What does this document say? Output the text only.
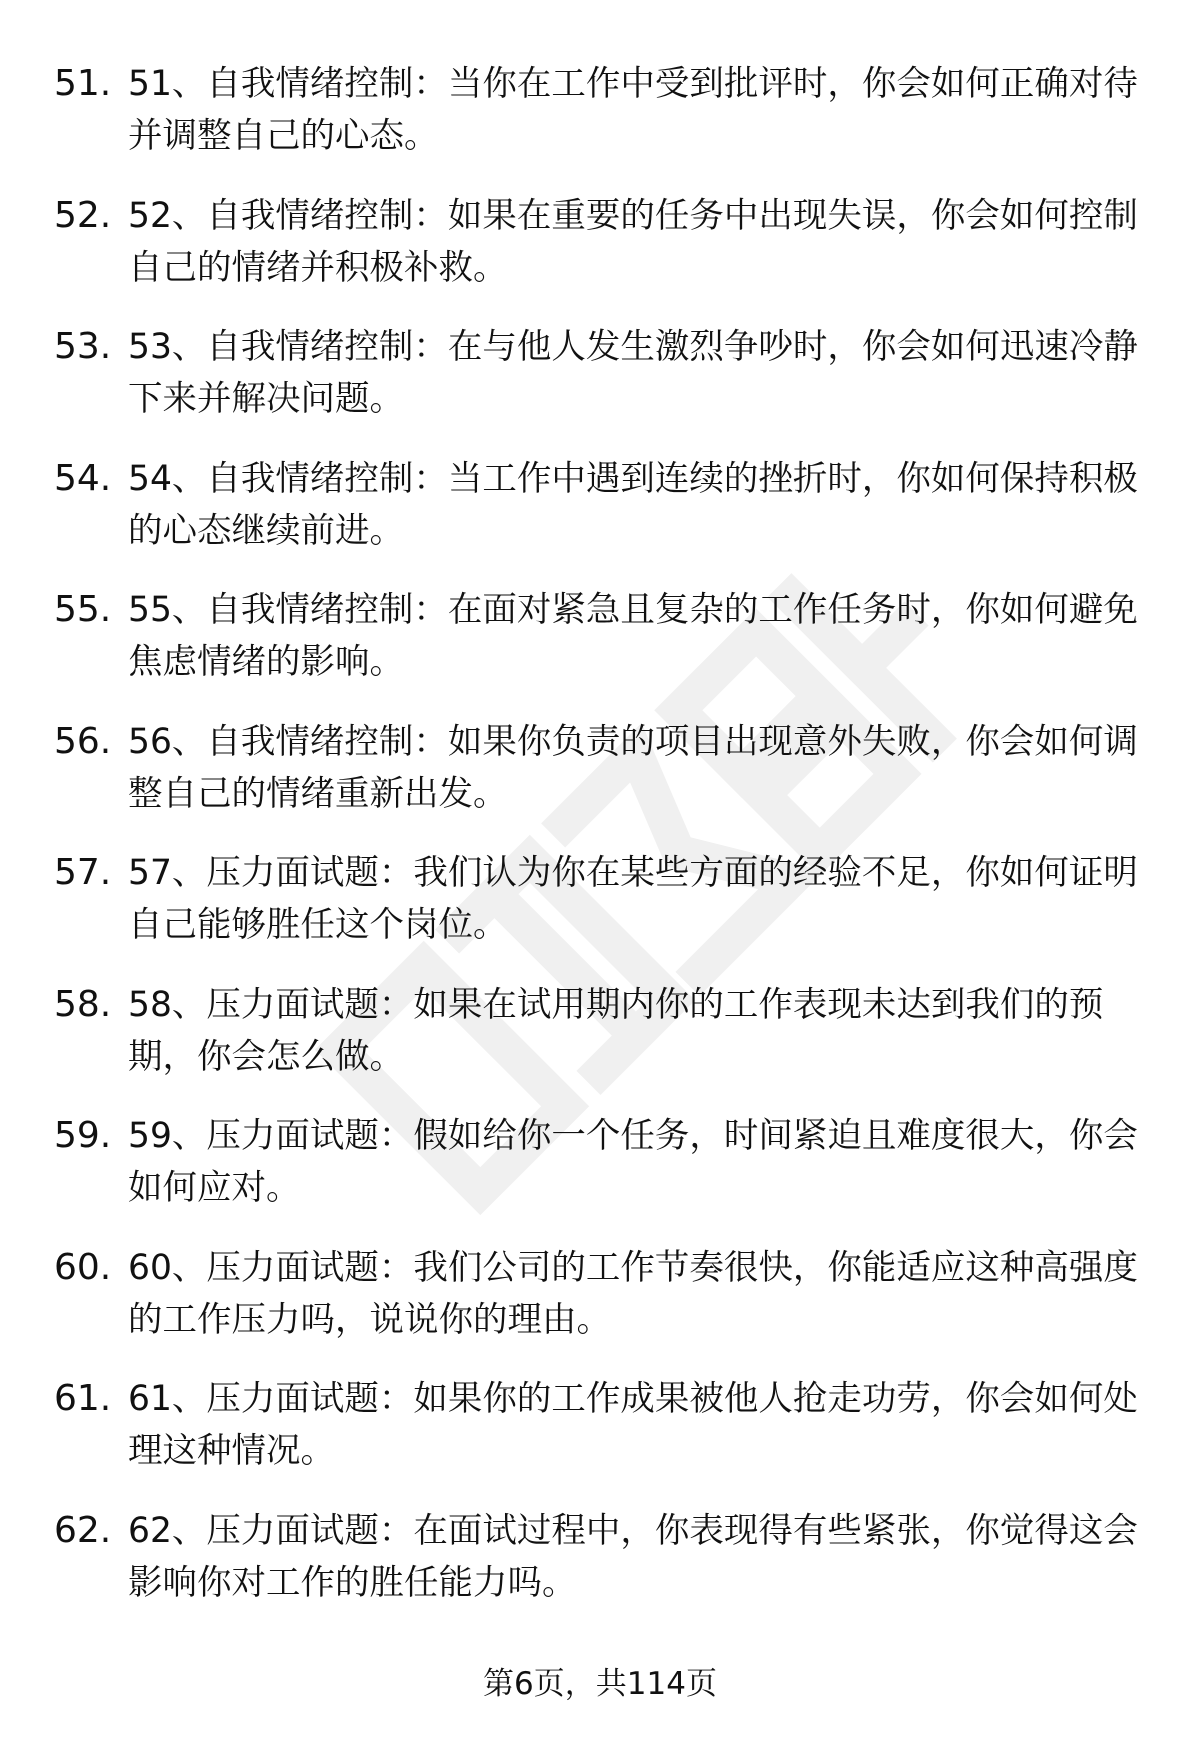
51. 51、自我情绪控制：当你在工作中受到批评时，你会如何正确对待并调整自己的心态。
52. 52、自我情绪控制：如果在重要的任务中出现失误，你会如何控制自己的情绪并积极补救。
53. 53、自我情绪控制：在与他人发生激烈争吵时，你会如何迅速冷静下来并解决问题。
54. 54、自我情绪控制：当工作中遇到连续的挫折时，你如何保持积极的心态继续前进。
55. 55、自我情绪控制：在面对紧急且复杂的工作任务时，你如何避免焦虑情绪的影响。
56. 56、自我情绪控制：如果你负责的项目出现意外失败，你会如何调整自己的情绪重新出发。
57. 57、压力面试题：我们认为你在某些方面的经验不足，你如何证明自己能够胜任这个岗位。
58. 58、压力面试题：如果在试用期内你的工作表现未达到我们的预期，你会怎么做。
59. 59、压力面试题：假如给你一个任务，时间紧迫且难度很大，你会如何应对。
60. 60、压力面试题：我们公司的工作节奏很快，你能适应这种高强度的工作压力吗，说说你的理由。
61. 61、压力面试题：如果你的工作成果被他人抢走功劳，你会如何处理这种情况。
62. 62、压力面试题：在面试过程中，你表现得有些紧张，你觉得这会影响你对工作的胜任能力吗。
第6页，共114页
